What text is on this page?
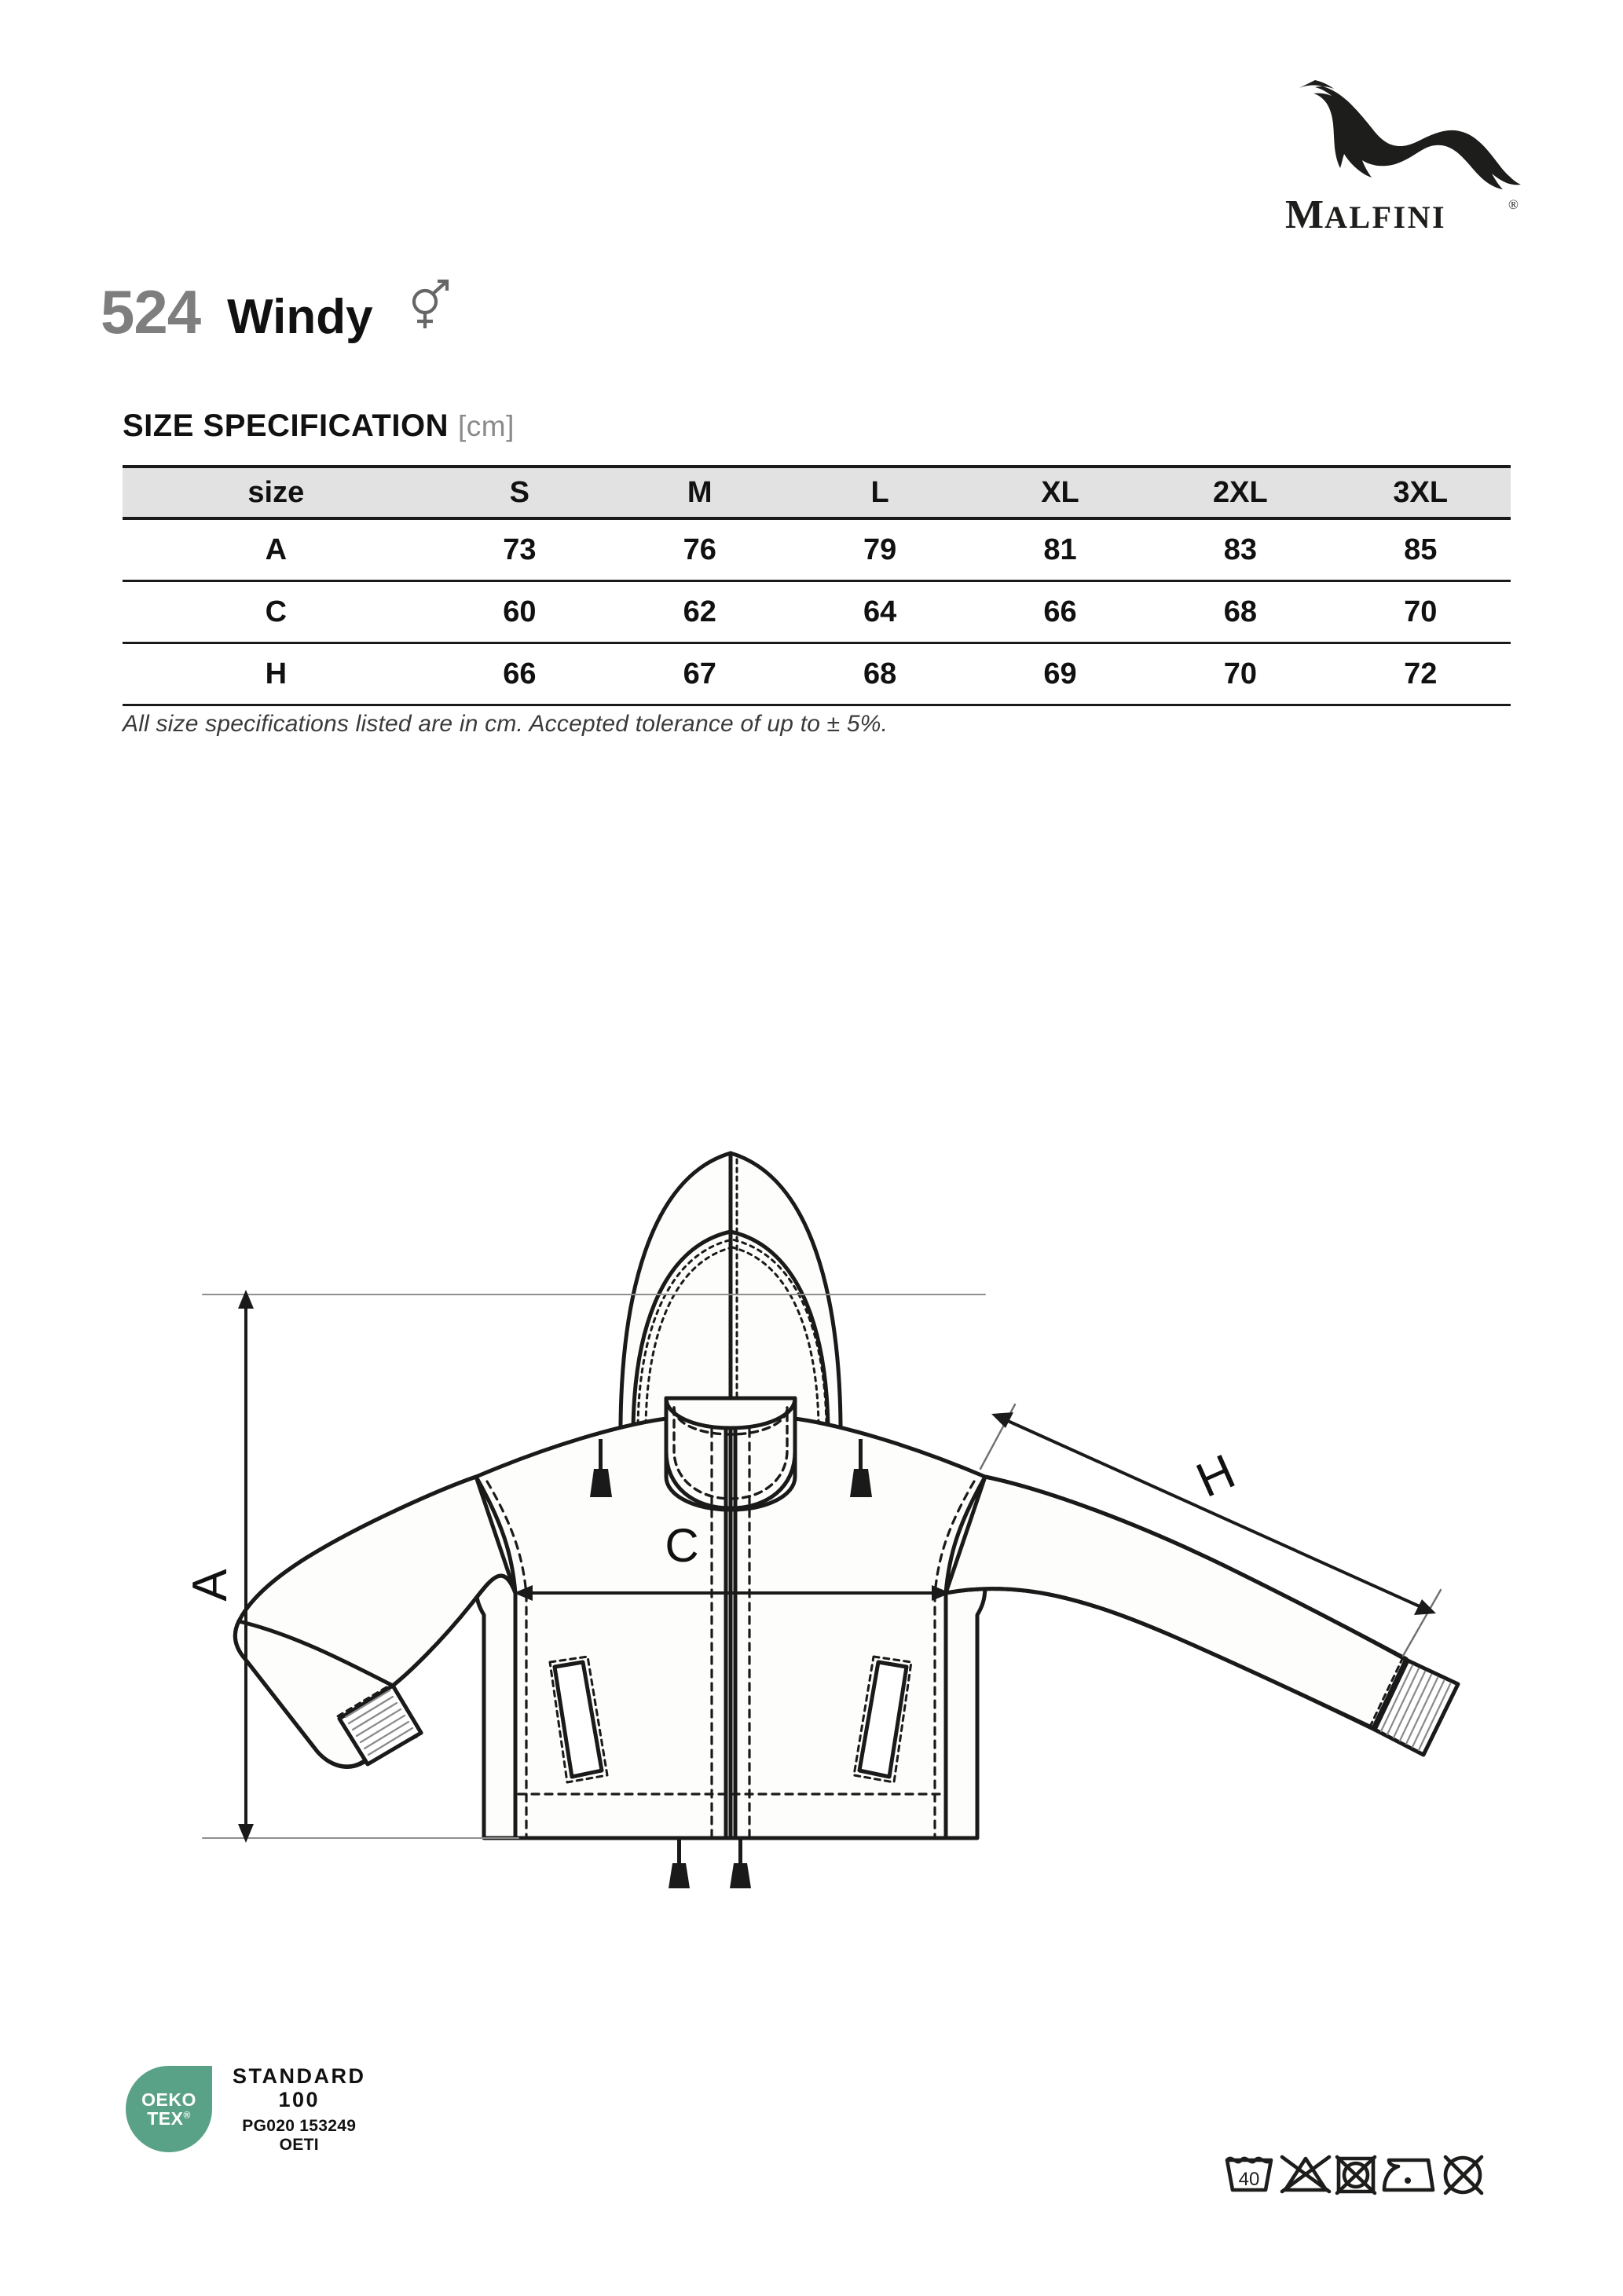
M ALFINI	®
524 Windy
SIZE SPECIFICATION [cm]
size	S	M	L	XL	2XL	3XL
A	73	76	79	81	83	85
C	60	62	64	66	68	70
H	66	67	68	69	70	72
All size specifications listed are in cm. Accepted tolerance of up to ± 5%.
A
C
H
OEKO
TEX®
STANDARD
100
PG020 153249
OETI
40
